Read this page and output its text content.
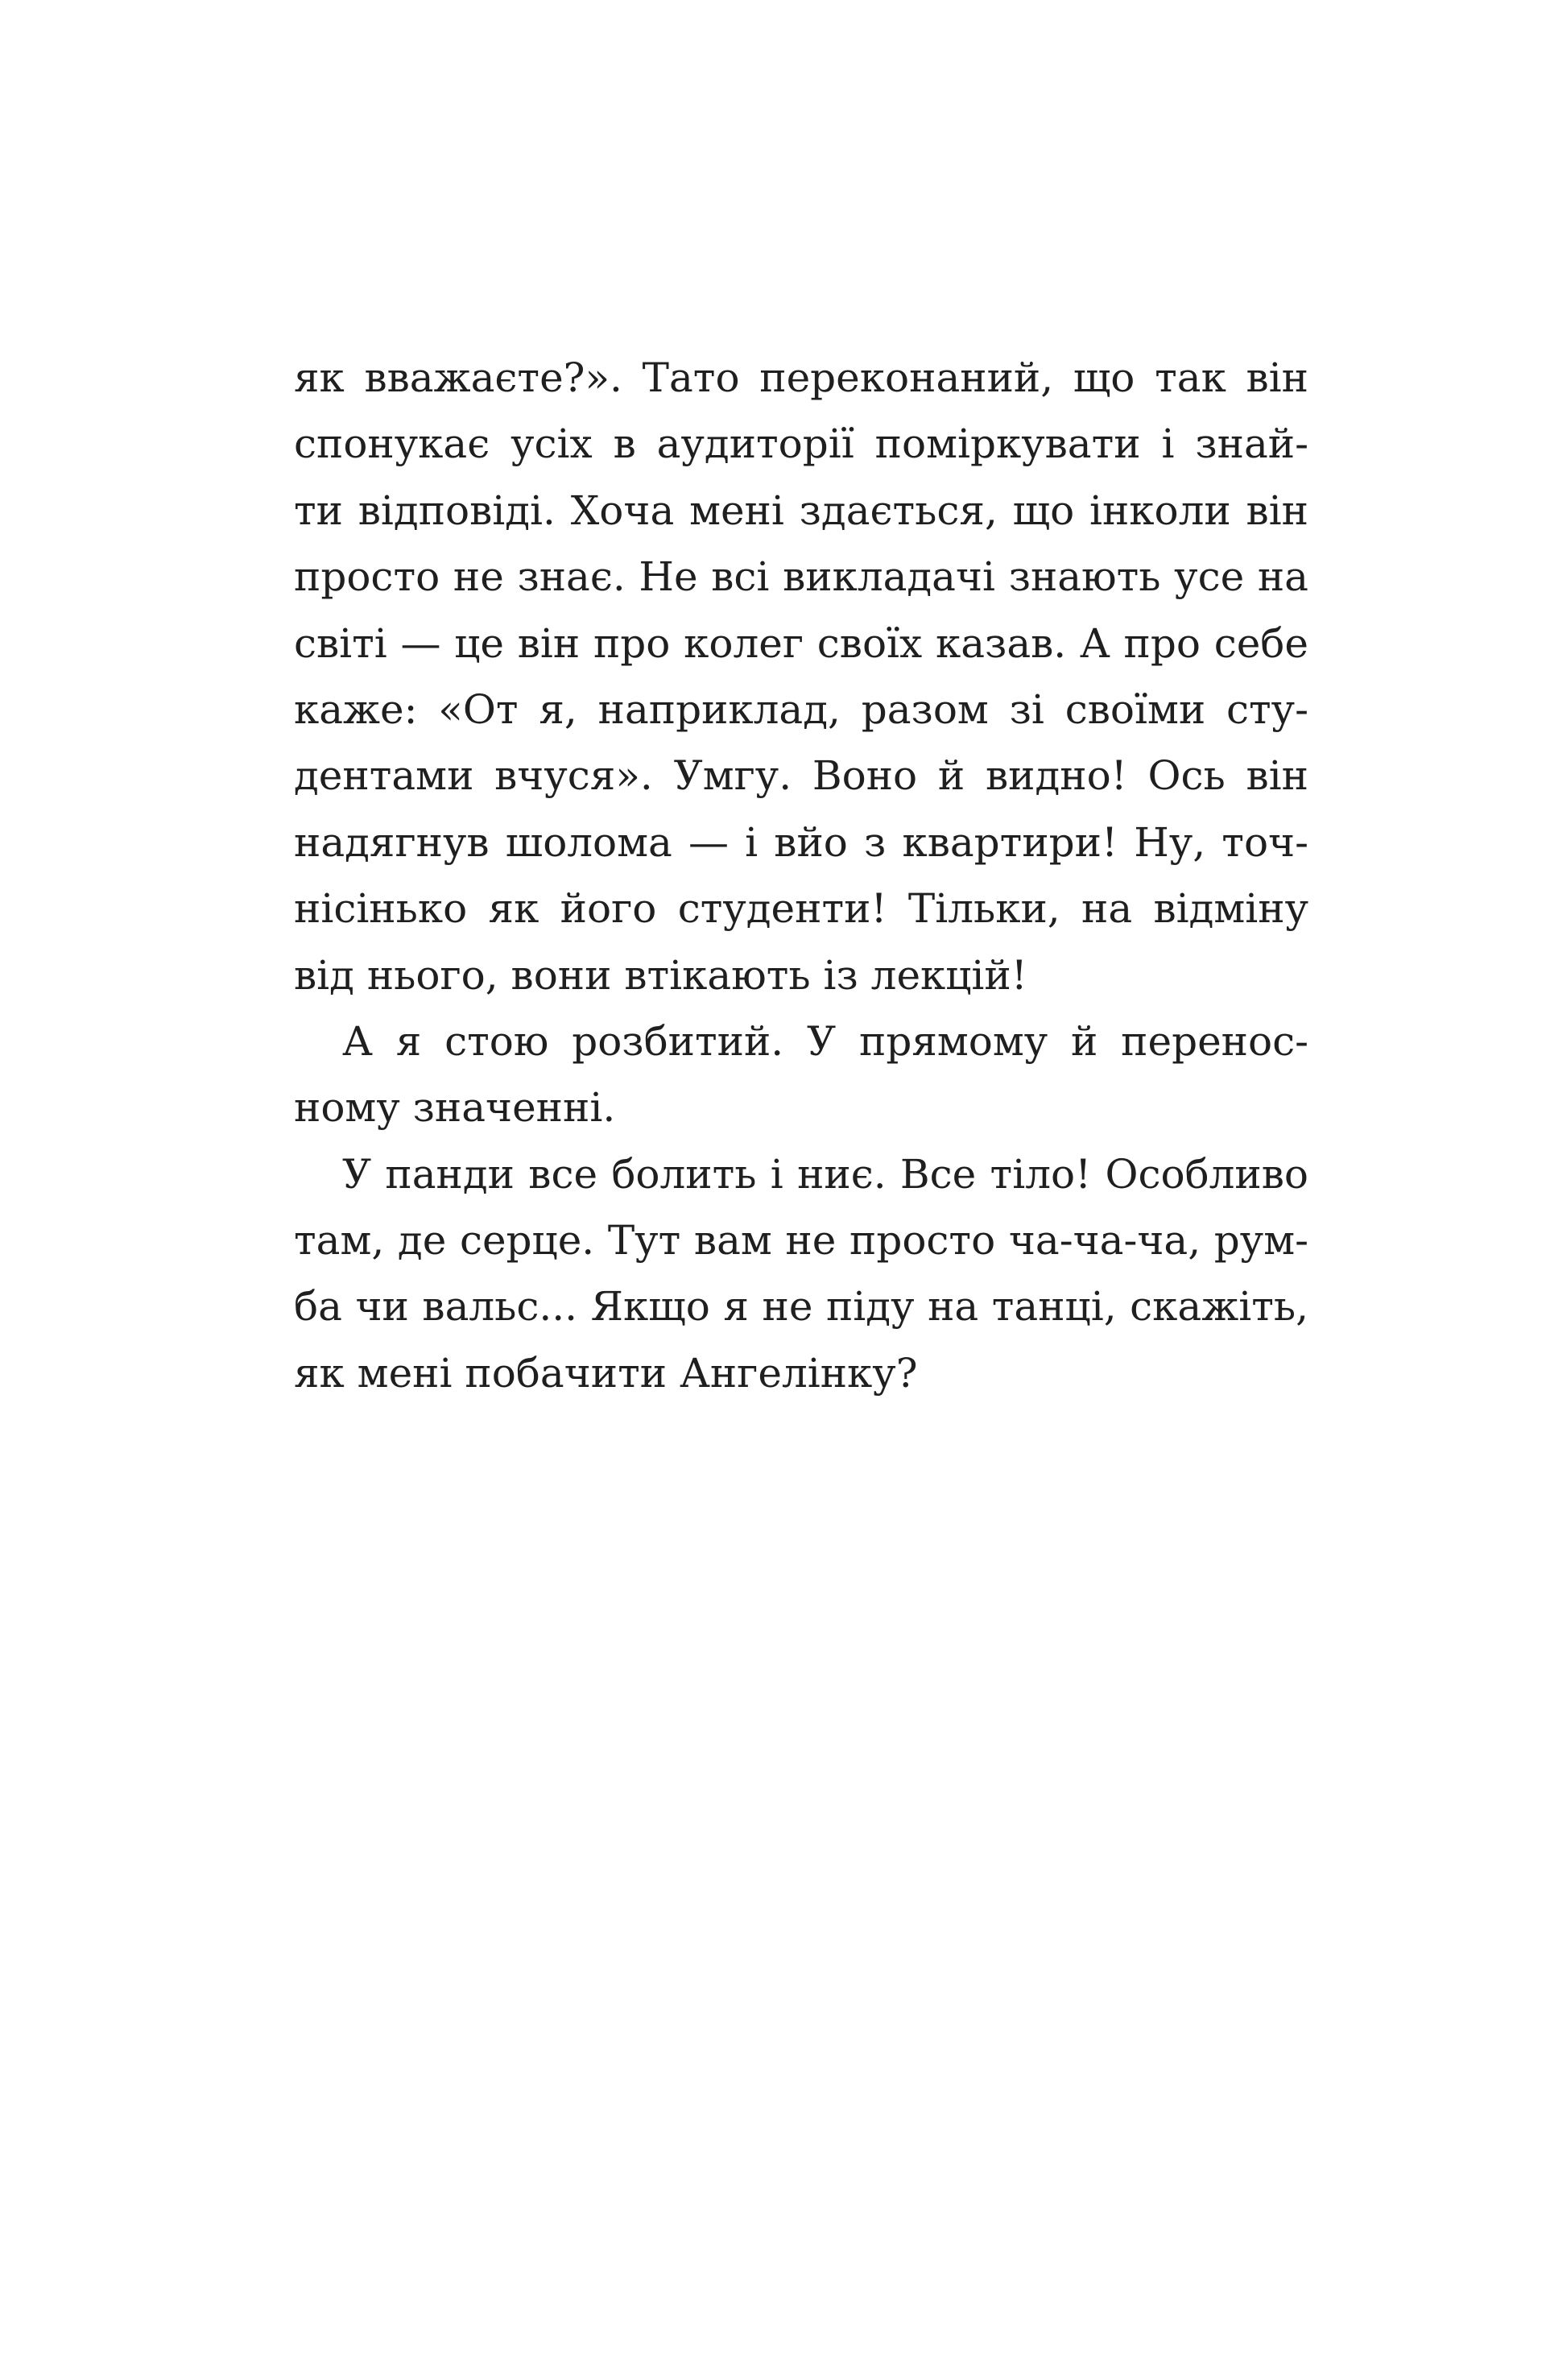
як вважаєте?». Тато переконаний, що так він
спонукає усіх в аудиторії поміркувати і знай-
ти відповіді. Хоча мені здається, що інколи він
просто не знає. Не всі викладачі знають усе на
світі — це він про колег своїх казав. А про себе
каже: «От я, наприклад, разом зі своїми сту-
дентами вчуся». Умгу. Воно й видно! Ось він
надягнув шолома — і вйо з квартири! Ну, точ-
нісінько як його студенти! Тільки, на відміну
від нього, вони втікають із лекцій!
А я стою розбитий. У прямому й перенос-
ному значенні.
У панди все болить і ниє. Все тіло! Особливо
там, де серце. Тут вам не просто ча-ча-ча, рум-
ба чи вальс... Якщо я не піду на танці, скажіть,
як мені побачити Ангелінку?
